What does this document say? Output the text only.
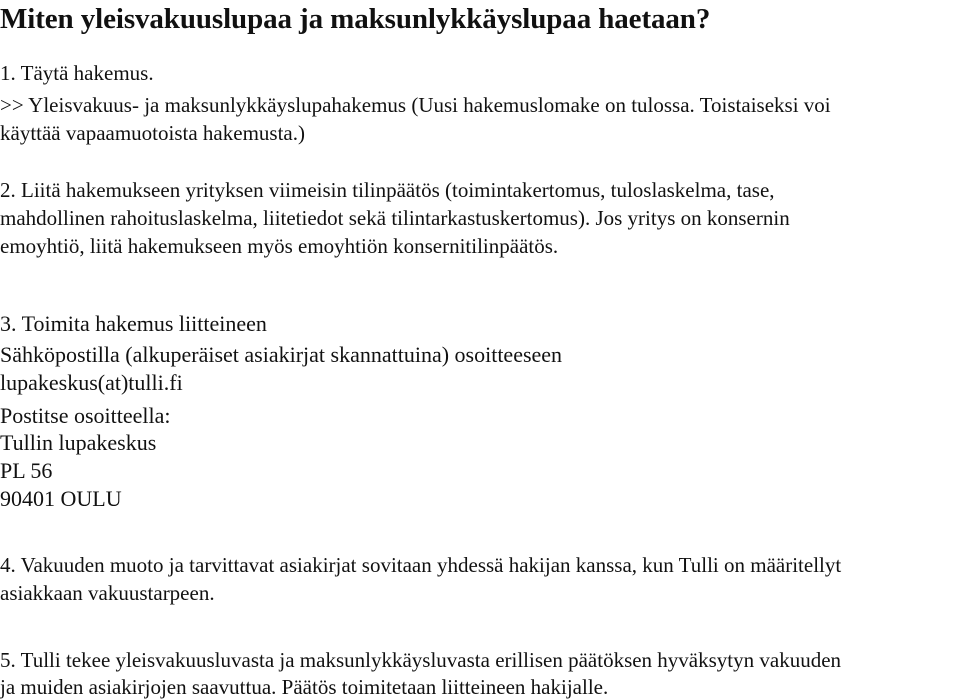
Miten yleisvakuuslupaa ja maksunlykkäyslupaa haetaan?

1. Täytä hakemus.

>> Yleisvakuus- ja maksunlykkäyslupahakemus (Uusi hakemuslomake on tulossa. Toistaiseksi voi

käyttää vapaamuotoista hakemusta.)

2. Liitä hakemukseen yrityksen viimeisin tilinpäätös (toimintakertomus, tuloslaskelma, tase,

mahdollinen rahoituslaskelma, liitetiedot sekä tilintarkastuskertomus). Jos yritys on konsernin

emoyhtiö, liitä hakemukseen myös emoyhtiön konsernitilinpäätös.

3. Toimita hakemus liitteineen

Sähköpostilla (alkuperäiset asiakirjat skannattuina) osoitteeseen

lupakeskus(at)tulli.fi

Postitse osoitteella:

Tullin lupakeskus

PL 56

90401 OULU

4. Vakuuden muoto ja tarvittavat asiakirjat sovitaan yhdessä hakijan kanssa, kun Tulli on määritellyt

asiakkaan vakuustarpeen.

5. Tulli tekee yleisvakuusluvasta ja maksunlykkäysluvasta erillisen päätöksen hyväksytyn vakuuden

ja muiden asiakirjojen saavuttua. Päätös toimitetaan liitteineen hakijalle.
